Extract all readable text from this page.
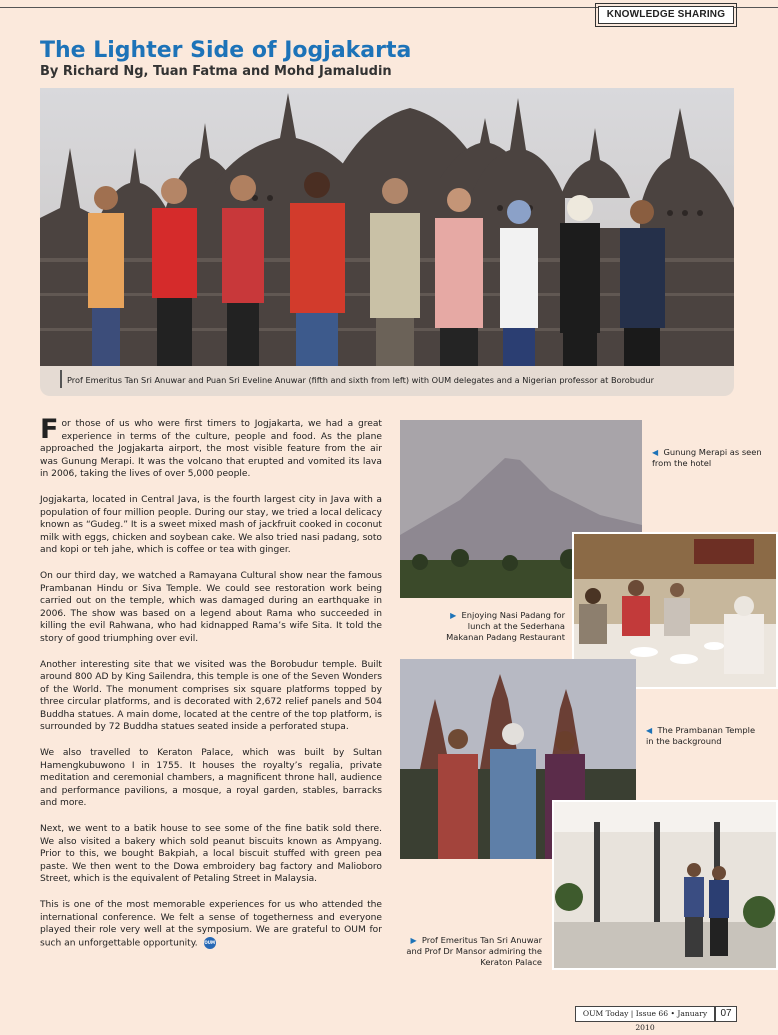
KNOWLEDGE SHARING
The Lighter Side of Jogjakarta
By Richard Ng, Tuan Fatma and Mohd Jamaludin
Prof Emeritus Tan Sri Anuwar and Puan Sri Eveline Anuwar (fifth and sixth from left) with OUM delegates and a Nigerian professor at Borobudur

For those of us who were first timers to Jogjakarta, we had a great experience in terms of the culture, people and food. As the plane approached the Jogjakarta airport, the most visible feature from the air was Gunung Merapi. It was the volcano that erupted and vomited its lava in 2006, taking the lives of over 5,000 people.

Jogjakarta, located in Central Java, is the fourth largest city in Java with a population of four million people. During our stay, we tried a local delicacy known as “Gudeg.” It is a sweet mixed mash of jackfruit cooked in coconut milk with eggs, chicken and soybean cake. We also tried nasi padang, soto and kopi or teh jahe, which is coffee or tea with ginger.

On our third day, we watched a Ramayana Cultural show near the famous Prambanan Hindu or Siva Temple. We could see restoration work being carried out on the temple, which was damaged during an earthquake in 2006. The show was based on a legend about Rama who succeeded in killing the evil Rahwana, who had kidnapped Rama’s wife Sita. It told the story of good triumphing over evil.

Another interesting site that we visited was the Borobudur temple. Built around 800 AD by King Sailendra, this temple is one of the Seven Wonders of the World. The monument comprises six square platforms topped by three circular platforms, and is decorated with 2,672 relief panels and 504 Buddha statues. A main dome, located at the centre of the top platform, is surrounded by 72 Buddha statues seated inside a perforated stupa.

We also travelled to Keraton Palace, which was built by Sultan Hamengkubuwono I in 1755. It houses the royalty’s regalia, private meditation and ceremonial chambers, a magnificent throne hall, audience and performance pavilions, a mosque, a royal garden, stables, barracks and more.

Next, we went to a batik house to see some of the fine batik sold there. We also visited a bakery which sold peanut biscuits known as Ampyang. Prior to this, we bought Bakpiah, a local biscuit stuffed with green pea paste. We then went to the Dowa embroidery bag factory and Malioboro Street, which is the equivalent of Petaling Street in Malaysia.

This is one of the most memorable experiences for us who attended the international conference. We felt a sense of togetherness and everyone played their role very well at the symposium. We are grateful to OUM for such an unforgettable opportunity. OUM

◀ Gunung Merapi as seen from the hotel
▶ Enjoying Nasi Padang for lunch at the Sederhana Makanan Padang Restaurant
◀ The Prambanan Temple in the background
▶ Prof Emeritus Tan Sri Anuwar and Prof Dr Mansor admiring the Keraton Palace
OUM Today | Issue 66 • January 2010
07
